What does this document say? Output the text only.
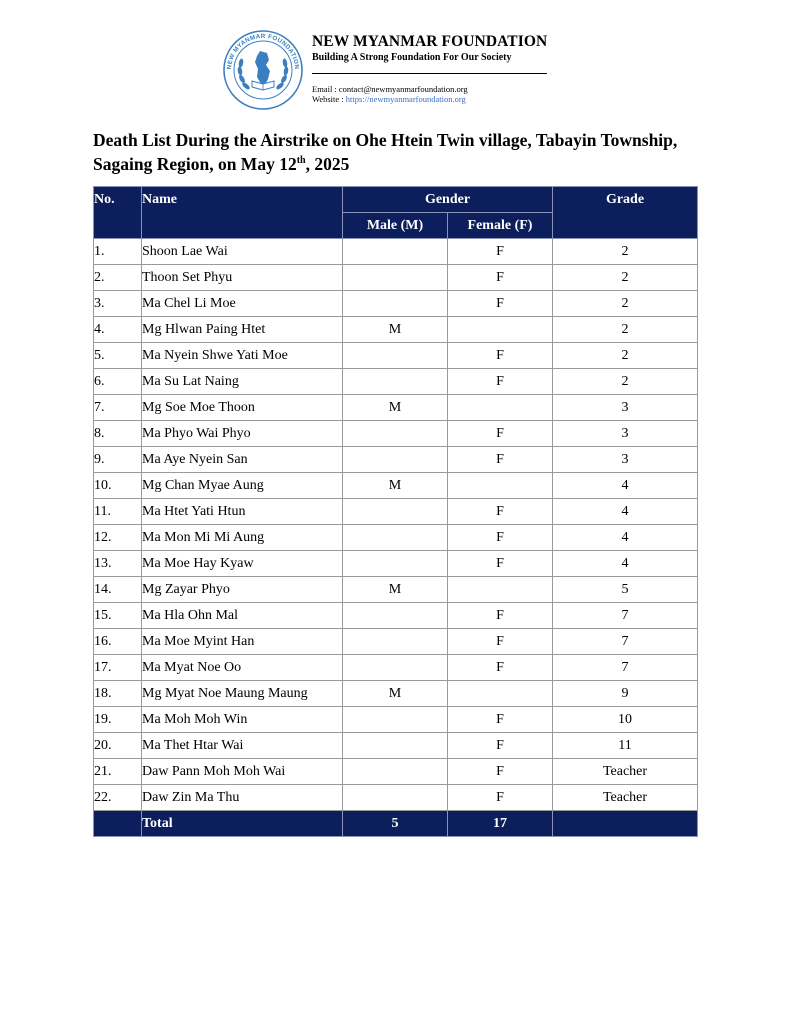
NEW MYANMAR FOUNDATION
NEW MYANMAR FOUNDATION
Building A Strong Foundation For Our Society
Email : contact@newmyanmarfoundation.org
Website : https://newmyanmarfoundation.org
Death List During the Airstrike on Ohe Htein Twin village, Tabayin Township,
Sagaing Region, on May 12th, 2025
No.	Name	Gender		Grade
		Male (M)	Female (F)	
1.	Shoon Lae Wai		F	2
2.	Thoon Set Phyu		F	2
3.	Ma Chel Li Moe		F	2
4.	Mg Hlwan Paing Htet	M		2
5.	Ma Nyein Shwe Yati Moe		F	2
6.	Ma Su Lat Naing		F	2
7.	Mg Soe Moe Thoon	M		3
8.	Ma Phyo Wai Phyo		F	3
9.	Ma Aye Nyein San		F	3
10.	Mg Chan Myae Aung	M		4
11.	Ma Htet Yati Htun		F	4
12.	Ma Mon Mi Mi Aung		F	4
13.	Ma Moe Hay Kyaw		F	4
14.	Mg Zayar Phyo	M		5
15.	Ma Hla Ohn Mal		F	7
16.	Ma Moe Myint Han		F	7
17.	Ma Myat Noe Oo		F	7
18.	Mg Myat Noe Maung Maung	M		9
19.	Ma Moh Moh Win		F	10
20.	Ma Thet Htar Wai		F	11
21.	Daw Pann Moh Moh Wai		F	Teacher
22.	Daw Zin Ma Thu		F	Teacher
	Total	5	17	
